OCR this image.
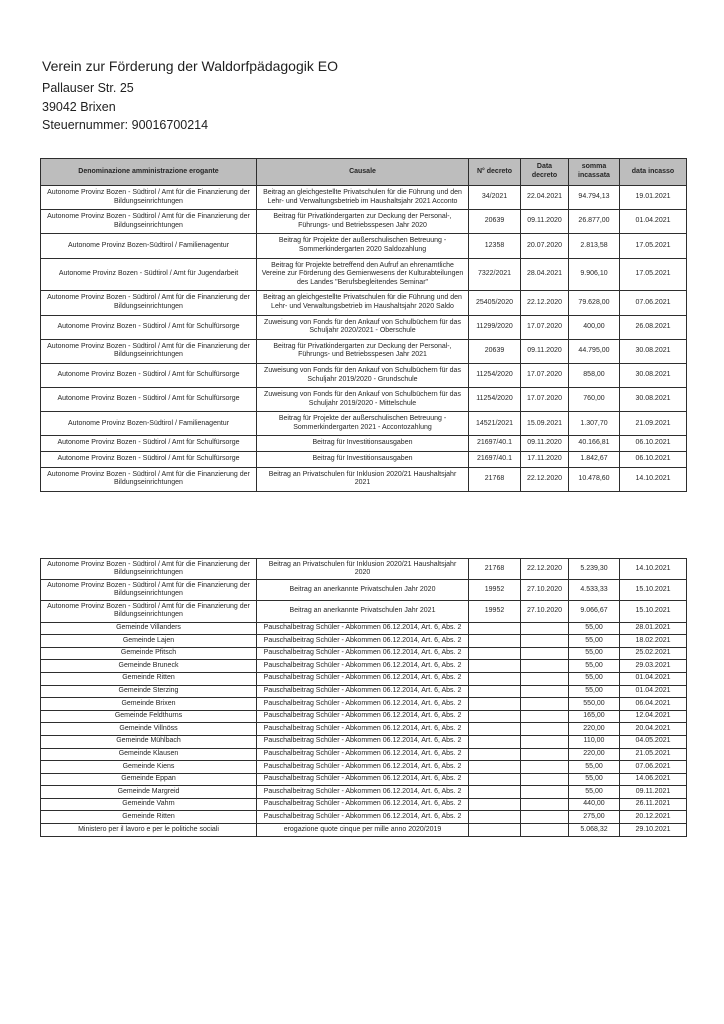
Verein zur Förderung der Waldorfpädagogik EO
Pallauser Str. 25
39042 Brixen
Steuernummer: 90016700214
Denominazione amministrazione erogante	Causale	N° decreto	Data decreto	somma incassata	data incasso
Autonome Provinz Bozen - Südtirol / Amt für die Finanzierung der Bildungseinrichtungen	Beitrag an gleichgestellte Privatschulen für die Führung und den Lehr- und Verwaltungsbetrieb im Haushaltsjahr 2021 Acconto	34/2021	22.04.2021	94.794,13	19.01.2021
Autonome Provinz Bozen - Südtirol / Amt für die Finanzierung der Bildungseinrichtungen	Beitrag für Privatkindergarten zur Deckung der Personal-, Führungs- und Betriebsspesen Jahr 2020	20639	09.11.2020	26.877,00	01.04.2021
Autonome Provinz Bozen-Südtirol / Familienagentur	Beitrag für Projekte der außerschulischen Betreuung - Sommerkindergarten 2020 Saldozahlung	12358	20.07.2020	2.813,58	17.05.2021
Autonome Provinz Bozen - Südtirol / Amt für Jugendarbeit	Beitrag für Projekte betreffend den Aufruf an ehrenamtliche Vereine zur Förderung des Gemienwesens der Kulturabteilungen des Landes "Berufsbegleitendes Seminar"	7322/2021	28.04.2021	9.906,10	17.05.2021
Autonome Provinz Bozen - Südtirol / Amt für die Finanzierung der Bildungseinrichtungen	Beitrag an gleichgestellte Privatschulen für die Führung und den Lehr- und Verwaltungsbetrieb im Haushaltsjahr 2020 Saldo	25405/2020	22.12.2020	79.628,00	07.06.2021
Autonome Provinz Bozen - Südtirol / Amt für Schulfürsorge	Zuweisung von Fonds für den Ankauf von Schulbüchern für das Schuljahr 2020/2021 - Oberschule	11299/2020	17.07.2020	400,00	26.08.2021
Autonome Provinz Bozen - Südtirol / Amt für die Finanzierung der Bildungseinrichtungen	Beitrag für Privatkindergarten zur Deckung der Personal-, Führungs- und Betriebsspesen Jahr 2021	20639	09.11.2020	44.795,00	30.08.2021
Autonome Provinz Bozen - Südtirol / Amt für Schulfürsorge	Zuweisung von Fonds für den Ankauf von Schulbüchern für das Schuljahr 2019/2020 - Grundschule	11254/2020	17.07.2020	858,00	30.08.2021
Autonome Provinz Bozen - Südtirol / Amt für Schulfürsorge	Zuweisung von Fonds für den Ankauf von Schulbüchern für das Schuljahr 2019/2020 - Mittelschule	11254/2020	17.07.2020	760,00	30.08.2021
Autonome Provinz Bozen-Südtirol / Familienagentur	Beitrag für Projekte der außerschulischen Betreuung - Sommerkindergarten 2021 - Accontozahlung	14521/2021	15.09.2021	1.307,70	21.09.2021
Autonome Provinz Bozen - Südtirol / Amt für Schulfürsorge	Beitrag für Investitionsausgaben	21697/40.1	09.11.2020	40.166,81	06.10.2021
Autonome Provinz Bozen - Südtirol / Amt für Schulfürsorge	Beitrag für Investitionsausgaben	21697/40.1	17.11.2020	1.842,67	06.10.2021
Autonome Provinz Bozen - Südtirol / Amt für die Finanzierung der Bildungseinrichtungen	Beitrag an Privatschulen für Inklusion 2020/21 Haushaltsjahr 2021	21768	22.12.2020	10.478,60	14.10.2021
Autonome Provinz Bozen - Südtirol / Amt für die Finanzierung der Bildungseinrichtungen	Beitrag an Privatschulen für Inklusion 2020/21 Haushaltsjahr 2020	21768	22.12.2020	5.239,30	14.10.2021
Autonome Provinz Bozen - Südtirol / Amt für die Finanzierung der Bildungseinrichtungen	Beitrag an anerkannte Privatschulen Jahr 2020	19952	27.10.2020	4.533,33	15.10.2021
Autonome Provinz Bozen - Südtirol / Amt für die Finanzierung der Bildungseinrichtungen	Beitrag an anerkannte Privatschulen Jahr 2021	19952	27.10.2020	9.066,67	15.10.2021
Gemeinde Villanders	Pauschalbeitrag Schüler - Abkommen 06.12.2014, Art. 6, Abs. 2			55,00	28.01.2021
Gemeinde Lajen	Pauschalbeitrag Schüler - Abkommen 06.12.2014, Art. 6, Abs. 2			55,00	18.02.2021
Gemeinde Pfitsch	Pauschalbeitrag Schüler - Abkommen 06.12.2014, Art. 6, Abs. 2			55,00	25.02.2021
Gemeinde Bruneck	Pauschalbeitrag Schüler - Abkommen 06.12.2014, Art. 6, Abs. 2			55,00	29.03.2021
Gemeinde Ritten	Pauschalbeitrag Schüler - Abkommen 06.12.2014, Art. 6, Abs. 2			55,00	01.04.2021
Gemeinde Sterzing	Pauschalbeitrag Schüler - Abkommen 06.12.2014, Art. 6, Abs. 2			55,00	01.04.2021
Gemeinde Brixen	Pauschalbeitrag Schüler - Abkommen 06.12.2014, Art. 6, Abs. 2			550,00	06.04.2021
Gemeinde Feldthurns	Pauschalbeitrag Schüler - Abkommen 06.12.2014, Art. 6, Abs. 2			165,00	12.04.2021
Gemeinde Villnöss	Pauschalbeitrag Schüler - Abkommen 06.12.2014, Art. 6, Abs. 2			220,00	20.04.2021
Gemeinde Mühlbach	Pauschalbeitrag Schüler - Abkommen 06.12.2014, Art. 6, Abs. 2			110,00	04.05.2021
Gemeinde Klausen	Pauschalbeitrag Schüler - Abkommen 06.12.2014, Art. 6, Abs. 2			220,00	21.05.2021
Gemeinde Kiens	Pauschalbeitrag Schüler - Abkommen 06.12.2014, Art. 6, Abs. 2			55,00	07.06.2021
Gemeinde Eppan	Pauschalbeitrag Schüler - Abkommen 06.12.2014, Art. 6, Abs. 2			55,00	14.06.2021
Gemeinde Margreid	Pauschalbeitrag Schüler - Abkommen 06.12.2014, Art. 6, Abs. 2			55,00	09.11.2021
Gemeinde Vahrn	Pauschalbeitrag Schüler - Abkommen 06.12.2014, Art. 6, Abs. 2			440,00	26.11.2021
Gemeinde Ritten	Pauschalbeitrag Schüler - Abkommen 06.12.2014, Art. 6, Abs. 2			275,00	20.12.2021
Ministero per il lavoro e per le politiche sociali	erogazione quote cinque per mille anno 2020/2019			5.068,32	29.10.2021
